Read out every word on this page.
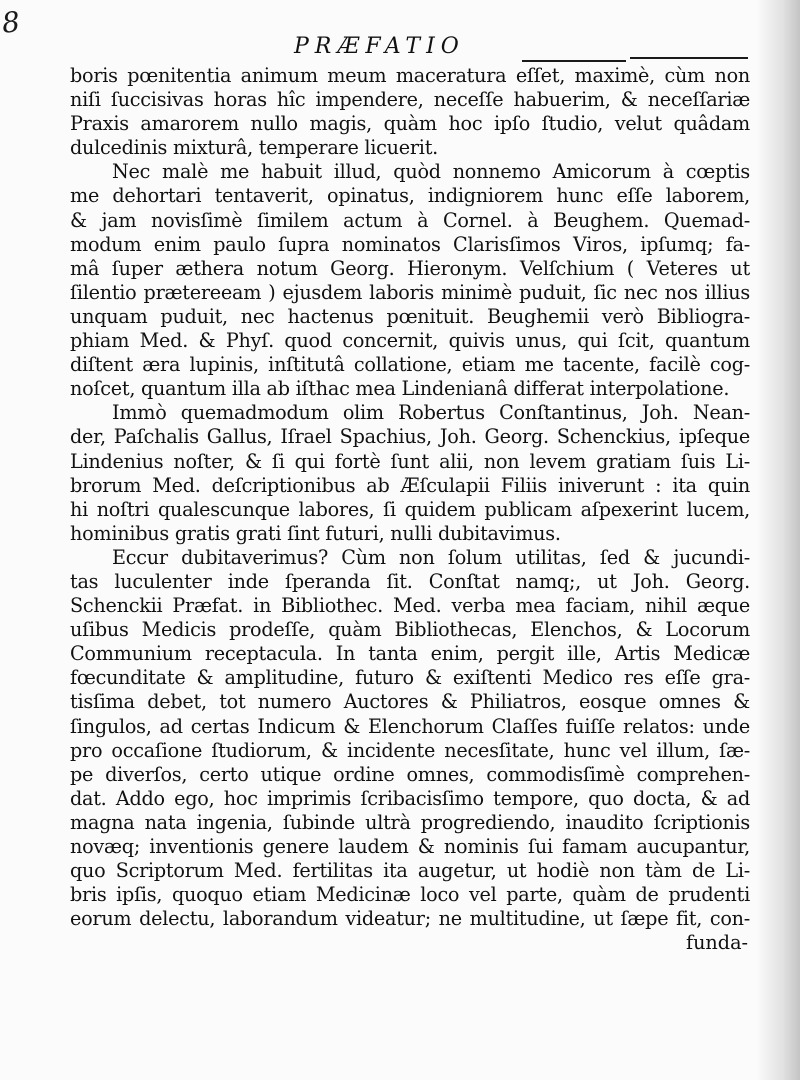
8
PRÆFATIO
boris pœnitentia animum meum maceratura eſſet, maximè, cùm non
niſi ſuccisivas horas hîc impendere, neceſſe habuerim, & neceſſariæ
Praxis amarorem nullo magis, quàm hoc ipſo ſtudio, velut quâdam
dulcedinis mixturâ, temperare licuerit.
Nec malè me habuit illud, quòd nonnemo Amicorum à cœptis
me dehortari tentaverit, opinatus, indigniorem hunc eſſe laborem,
& jam novisſimè ſimilem actum à Cornel. à Beughem. Quemad-
modum enim paulo ſupra nominatos Clarisſimos Viros, ipſumq; fa-
mâ ſuper æthera notum Georg. Hieronym. Velſchium ( Veteres ut
ſilentio prætereeam ) ejusdem laboris minimè puduit, ſic nec nos illius
unquam puduit, nec hactenus pœnituit. Beughemii verò Bibliogra-
phiam Med. & Phyſ. quod concernit, quivis unus, qui ſcit, quantum
diſtent æra lupinis, inſtitutâ collatione, etiam me tacente, facilè cog-
noſcet, quantum illa ab iſthac mea Lindenianâ differat interpolatione.
Immò quemadmodum olim Robertus Conſtantinus, Joh. Nean-
der, Paſchalis Gallus, Iſrael Spachius, Joh. Georg. Schenckius, ipſeque
Lindenius noſter, & ſi qui fortè ſunt alii, non levem gratiam ſuis Li-
brorum Med. deſcriptionibus ab Æſculapii Filiis iniverunt : ita quin
hi noſtri qualescunque labores, ſi quidem publicam aſpexerint lucem,
hominibus gratis grati ſint futuri, nulli dubitavimus.
Eccur dubitaverimus? Cùm non ſolum utilitas, ſed & jucundi-
tas luculenter inde ſperanda ſit. Conſtat namq;, ut Joh. Georg.
Schenckii Præfat. in Bibliothec. Med. verba mea faciam, nihil æque
uſibus Medicis prodeſſe, quàm Bibliothecas, Elenchos, & Locorum
Communium receptacula. In tanta enim, pergit ille, Artis Medicæ
fœcunditate & amplitudine, futuro & exiſtenti Medico res eſſe gra-
tisſima debet, tot numero Auctores & Philiatros, eosque omnes &
ſingulos, ad certas Indicum & Elenchorum Claſſes fuiſſe relatos: unde
pro occaſione ſtudiorum, & incidente necesſitate, hunc vel illum, ſæ-
pe diverſos, certo utique ordine omnes, commodisſimè comprehen-
dat. Addo ego, hoc imprimis ſcribacisſimo tempore, quo docta, & ad
magna nata ingenia, ſubinde ultrà progrediendo, inaudito ſcriptionis
novæq; inventionis genere laudem & nominis ſui famam aucupantur,
quo Scriptorum Med. fertilitas ita augetur, ut hodiè non tàm de Li-
bris ipſis, quoquo etiam Medicinæ loco vel parte, quàm de prudenti
eorum delectu, laborandum videatur; ne multitudine, ut ſæpe fit, con-
funda-
